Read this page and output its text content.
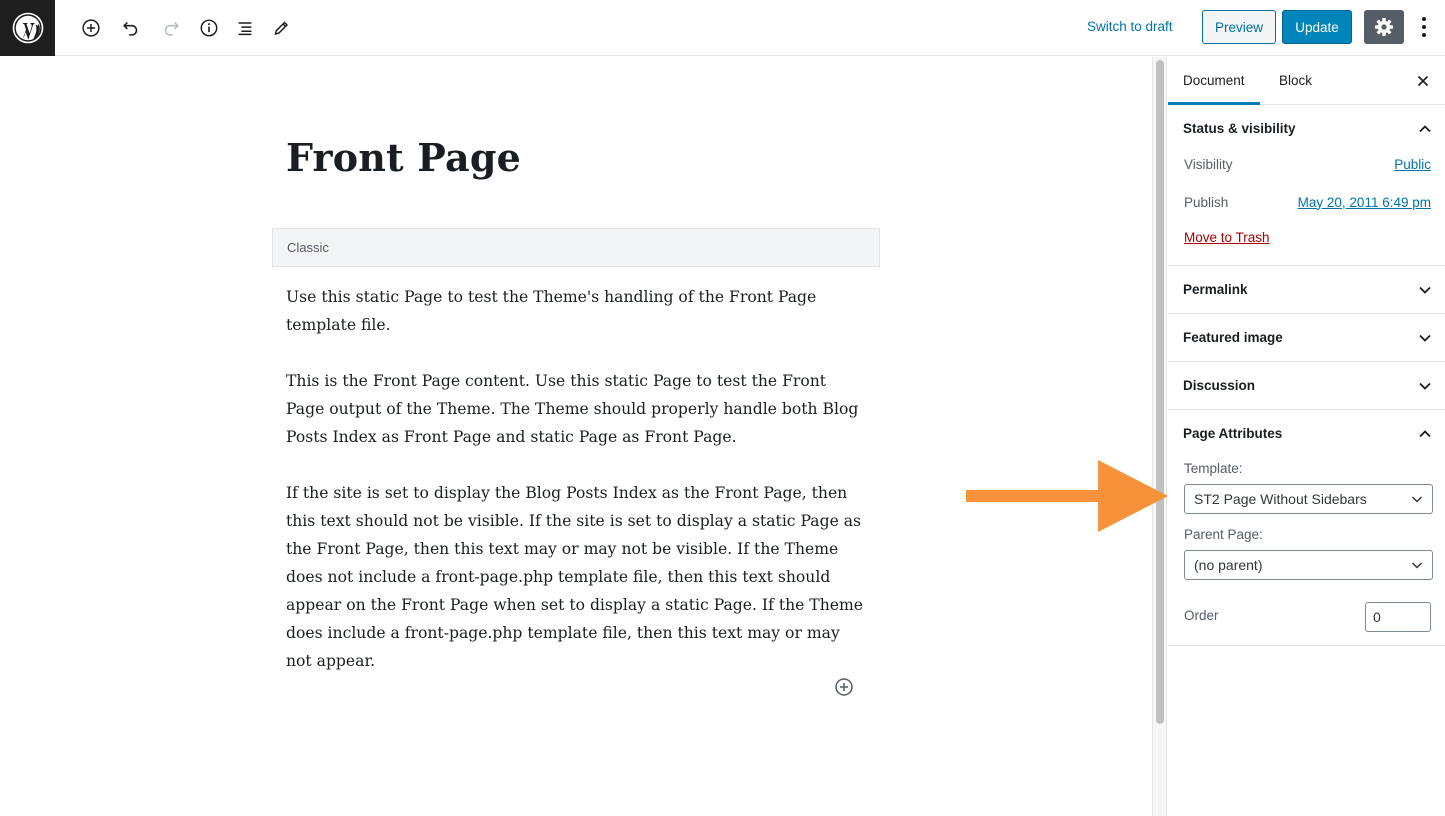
Switch to draft	Preview	Update
Front Page
Classic

Use this static Page to test the Theme's handling of the Front Page template file.

This is the Front Page content. Use this static Page to test the Front Page output of the Theme. The Theme should properly handle both Blog Posts Index as Front Page and static Page as Front Page.

If the site is set to display the Blog Posts Index as the Front Page, then this text should not be visible. If the site is set to display a static Page as the Front Page, then this text may or may not be visible. If the Theme does not include a front-page.php template file, then this text should appear on the Front Page when set to display a static Page. If the Theme does include a front-page.php template file, then this text may or may not appear.

Document	Block
Status & visibility
Visibility	Public
Publish	May 20, 2011 6:49 pm
Move to Trash
Permalink
Featured image
Discussion
Page Attributes
Template:
ST2 Page Without Sidebars
Parent Page:
(no parent)
Order
0
